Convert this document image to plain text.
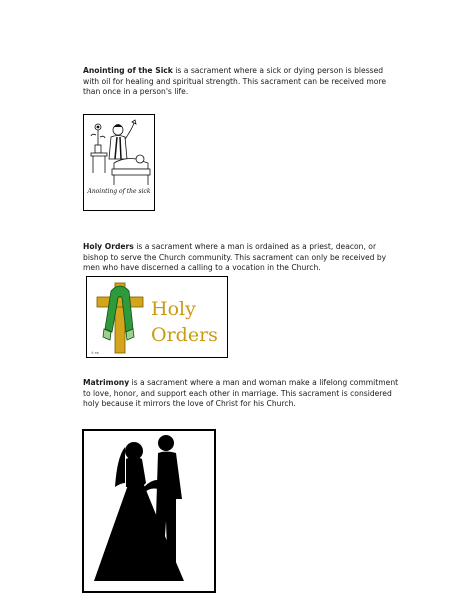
Anointing of the Sick is a sacrament where a sick or dying person is blessed with oil for healing and spiritual strength. This sacrament can be received more than once in a person's life.

Anointing of the sick

Holy Orders is a sacrament where a man is ordained as a priest, deacon, or bishop to serve the Church community. This sacrament can only be received by men who have discerned a calling to a vocation in the Church.

Holy
Orders
© FR

Matrimony is a sacrament where a man and woman make a lifelong commitment to love, honor, and support each other in marriage. This sacrament is considered holy because it mirrors the love of Christ for his Church.
